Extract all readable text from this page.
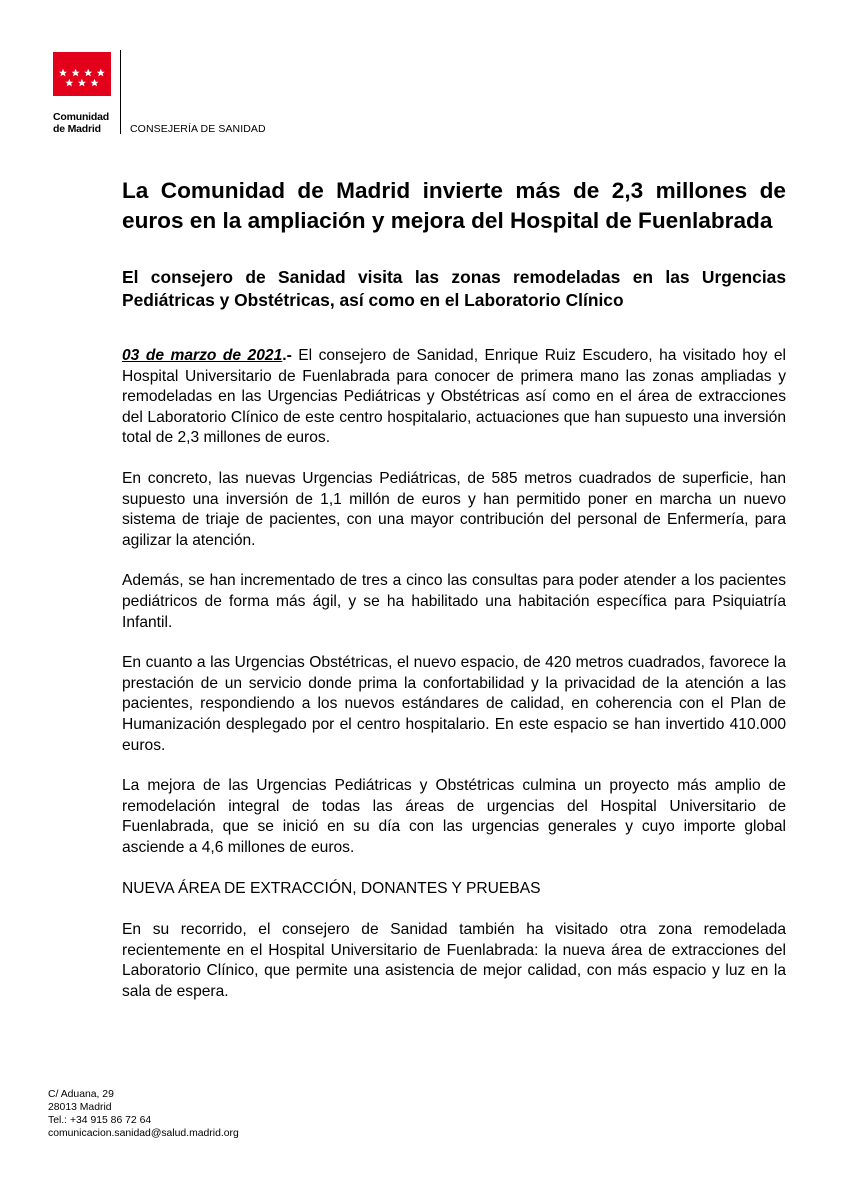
Comunidad
de Madrid	CONSEJERÍA DE SANIDAD
La Comunidad de Madrid invierte más de 2,3 millones de euros en la ampliación y mejora del Hospital de Fuenlabrada
El consejero de Sanidad visita las zonas remodeladas en las Urgencias Pediátricas y Obstétricas, así como en el Laboratorio Clínico

03 de marzo de 2021.- El consejero de Sanidad, Enrique Ruiz Escudero, ha visitado hoy el Hospital Universitario de Fuenlabrada para conocer de primera mano las zonas ampliadas y remodeladas en las Urgencias Pediátricas y Obstétricas así como en el área de extracciones del Laboratorio Clínico de este centro hospitalario, actuaciones que han supuesto una inversión total de 2,3 millones de euros.

En concreto, las nuevas Urgencias Pediátricas, de 585 metros cuadrados de superficie, han supuesto una inversión de 1,1 millón de euros y han permitido poner en marcha un nuevo sistema de triaje de pacientes, con una mayor contribución del personal de Enfermería, para agilizar la atención.

Además, se han incrementado de tres a cinco las consultas para poder atender a los pacientes pediátricos de forma más ágil, y se ha habilitado una habitación específica para Psiquiatría Infantil.

En cuanto a las Urgencias Obstétricas, el nuevo espacio, de 420 metros cuadrados, favorece la prestación de un servicio donde prima la confortabilidad y la privacidad de la atención a las pacientes, respondiendo a los nuevos estándares de calidad, en coherencia con el Plan de Humanización desplegado por el centro hospitalario. En este espacio se han invertido 410.000 euros.

La mejora de las Urgencias Pediátricas y Obstétricas culmina un proyecto más amplio de remodelación integral de todas las áreas de urgencias del Hospital Universitario de Fuenlabrada, que se inició en su día con las urgencias generales y cuyo importe global asciende a 4,6 millones de euros.

NUEVA ÁREA DE EXTRACCIÓN, DONANTES Y PRUEBAS

En su recorrido, el consejero de Sanidad también ha visitado otra zona remodelada recientemente en el Hospital Universitario de Fuenlabrada: la nueva área de extracciones del Laboratorio Clínico, que permite una asistencia de mejor calidad, con más espacio y luz en la sala de espera.

C/ Aduana, 29
28013 Madrid
Tel.: +34 915 86 72 64
comunicacion.sanidad@salud.madrid.org
